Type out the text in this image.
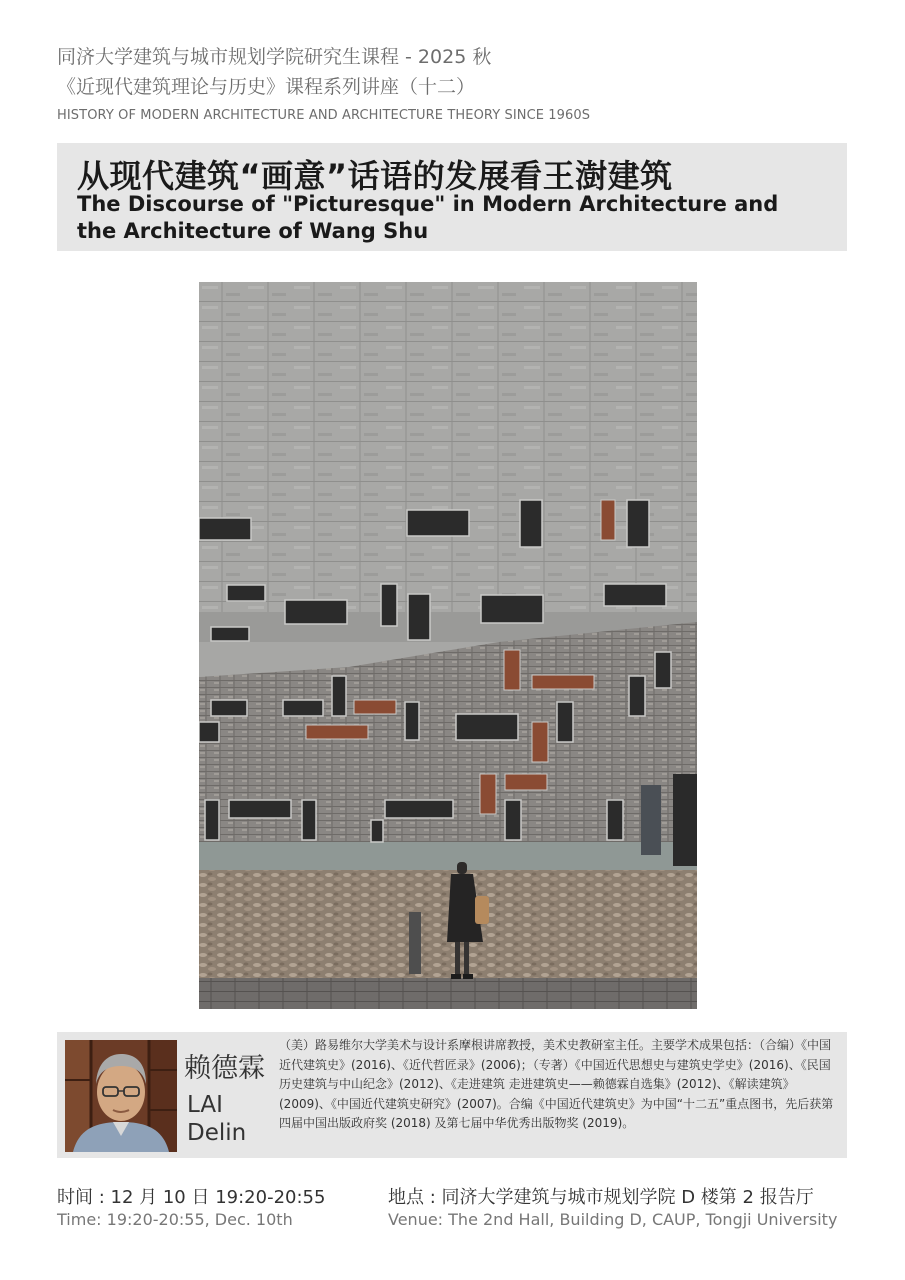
同济大学建筑与城市规划学院研究生课程 - 2025 秋
《近现代建筑理论与历史》课程系列讲座（十二）
HISTORY OF MODERN ARCHITECTURE AND ARCHITECTURE THEORY SINCE 1960S
从现代建筑“画意”话语的发展看王澍建筑
The Discourse of "Picturesque" in Modern Architecture and the Architecture of Wang Shu
赖德霖
LAI
Delin
（美）路易维尔大学美术与设计系摩根讲席教授，美术史教研室主任。主要学术成果包括：（合编）《中国近代建筑史》(2016)、《近代哲匠录》(2006)；（专著）《中国近代思想史与建筑史学史》(2016)、《民国历史建筑与中山纪念》(2012)、《走进建筑 走进建筑史——赖德霖自选集》(2012)、《解读建筑》(2009)、《中国近代建筑史研究》(2007)。合编《中国近代建筑史》为中国“十二五”重点图书，先后获第四届中国出版政府奖 (2018) 及第七届中华优秀出版物奖 (2019)。
时间 : 12 月 10 日 19:20-20:55
Time: 19:20-20:55, Dec. 10th
地点 : 同济大学建筑与城市规划学院 D 楼第 2 报告厅
Venue: The 2nd Hall, Building D, CAUP, Tongji University
